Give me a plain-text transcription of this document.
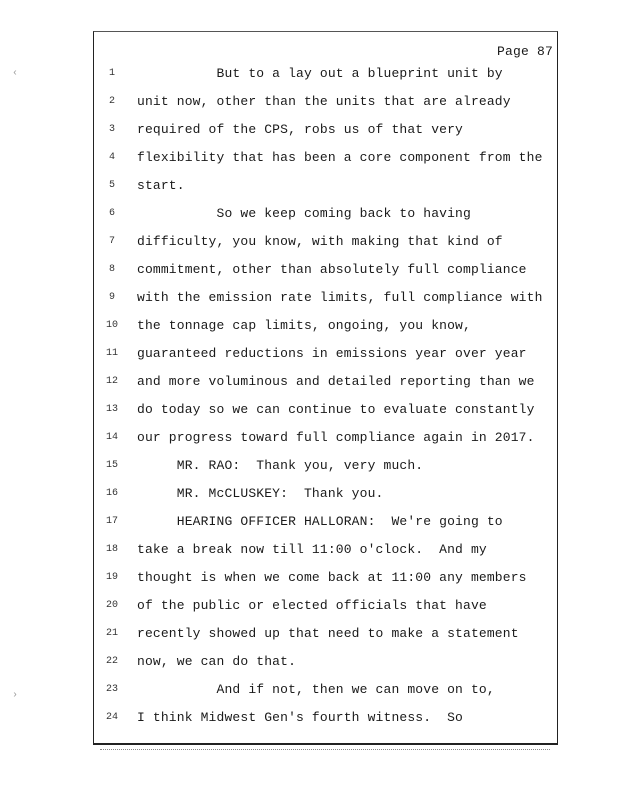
‹
›
Page 87
1	But to a lay out a blueprint unit by
2	unit now, other than the units that are already
3	required of the CPS, robs us of that very
4	flexibility that has been a core component from the
5	start.
6	So we keep coming back to having
7	difficulty, you know, with making that kind of
8	commitment, other than absolutely full compliance
9	with the emission rate limits, full compliance with
10	the tonnage cap limits, ongoing, you know,
11	guaranteed reductions in emissions year over year
12	and more voluminous and detailed reporting than we
13	do today so we can continue to evaluate constantly
14	our progress toward full compliance again in 2017.
15	MR. RAO:  Thank you, very much.
16	MR. McCLUSKEY:  Thank you.
17	HEARING OFFICER HALLORAN:  We're going to
18	take a break now till 11:00 o'clock.  And my
19	thought is when we come back at 11:00 any members
20	of the public or elected officials that have
21	recently showed up that need to make a statement
22	now, we can do that.
23	And if not, then we can move on to,
24	I think Midwest Gen's fourth witness.  So
